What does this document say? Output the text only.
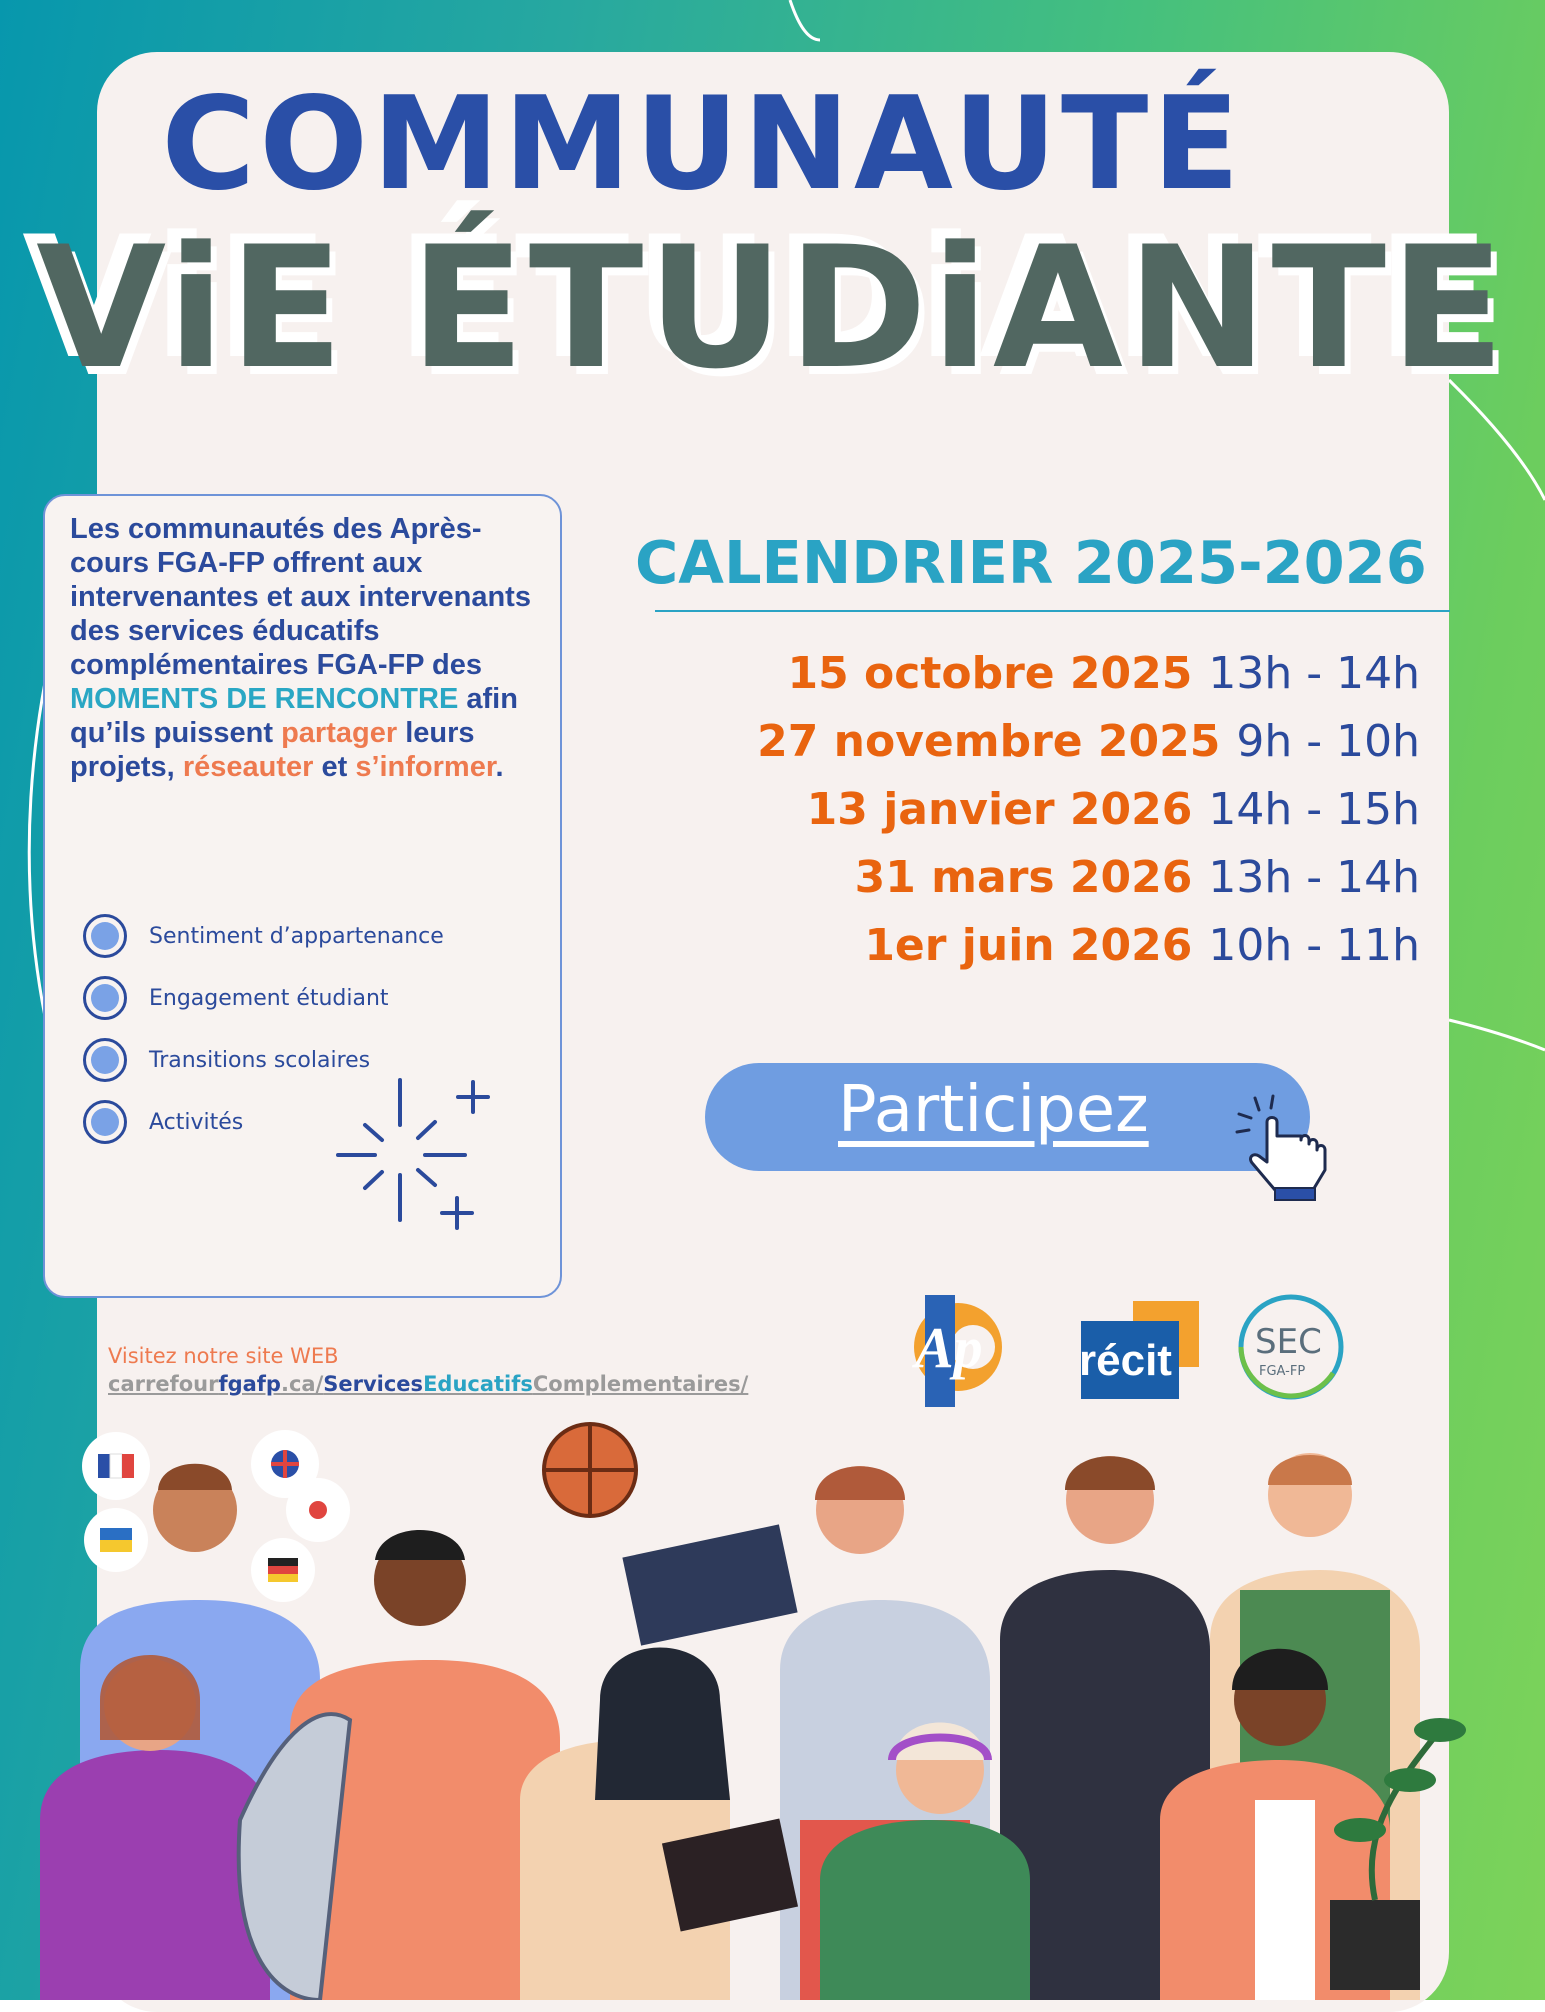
COMMUNAUTÉ
ViE ÉTUDiANTE

Les communautés des Après-cours FGA-FP offrent aux intervenantes et aux intervenants des services éducatifs complémentaires FGA-FP des MOMENTS DE RENCONTRE afin qu’ils puissent partager leurs projets, réseauter et s’informer.

Sentiment d’appartenance
Engagement étudiant
Transitions scolaires
Activités
CALENDRIER 2025-2026
15 octobre 2025 13h - 14h
27 novembre 2025 9h - 10h
13 janvier 2026 14h - 15h
31 mars 2026 13h - 14h
1er juin 2026 10h - 11h
Participez
Ap récit SEC
FGA-FP
Visitez notre site WEB
carrefourfgafp.ca/ServicesEducatifsComplementaires/
